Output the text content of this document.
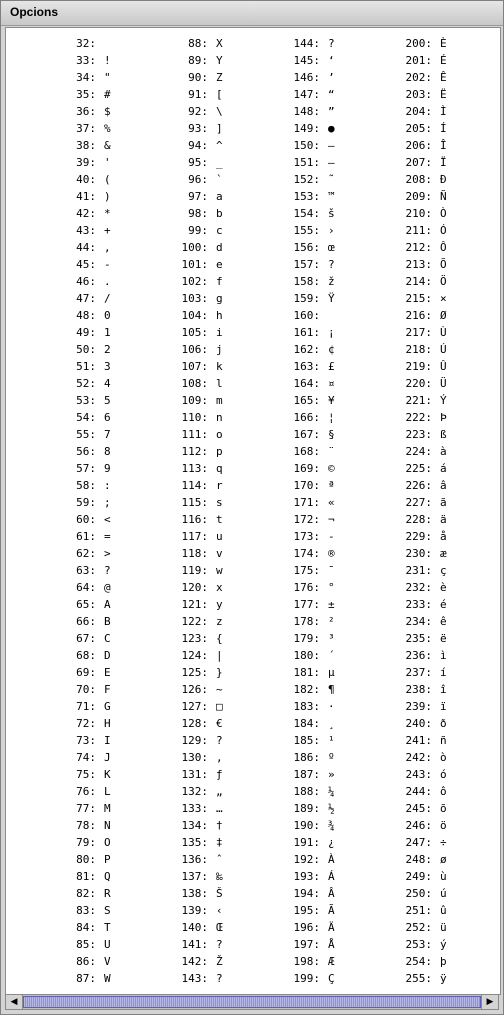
Opcions
32:
33: !
34: "
35: #
36: $
37: %
38: &
39: '
40: (
41: )
42: *
43: +
44: ,
45: -
46: .
47: /
48: 0
49: 1
50: 2
51: 3
52: 4
53: 5
54: 6
55: 7
56: 8
57: 9
58: :
59: ;
60: <
61: =
62: >
63: ?
64: @
65: A
66: B
67: C
68: D
69: E
70: F
71: G
72: H
73: I
74: J
75: K
76: L
77: M
78: N
79: O
80: P
81: Q
82: R
83: S
84: T
85: U
86: V
87: W
88: X
89: Y
90: Z
91: [
92: \
93: ]
94: ^
95: _
96: `
97: a
98: b
99: c
100: d
101: e
102: f
103: g
104: h
105: i
106: j
107: k
108: l
109: m
110: n
111: o
112: p
113: q
114: r
115: s
116: t
117: u
118: v
119: w
120: x
121: y
122: z
123: {
124: |
125: }
126: ~
127: □
128: €
129: ?
130: ‚
131: ƒ
132: „
133: …
134: †
135: ‡
136: ˆ
137: ‰
138: Š
139: ‹
140: Œ
141: ?
142: Ž
143: ?
144: ?
145: ‘
146: ’
147: “
148: ”
149: ●
150: –
151: —
152: ˜
153: ™
154: š
155: ›
156: œ
157: ?
158: ž
159: Ÿ
160:
161: ¡
162: ¢
163: £
164: ¤
165: ¥
166: ¦
167: §
168: ¨
169: ©
170: ª
171: «
172: ¬
173: -
174: ®
175: ¯
176: °
177: ±
178: ²
179: ³
180: ´
181: µ
182: ¶
183: ·
184: ¸
185: ¹
186: º
187: »
188: ¼
189: ½
190: ¾
191: ¿
192: À
193: Á
194: Â
195: Ã
196: Ä
197: Å
198: Æ
199: Ç
200: È
201: É
202: Ê
203: Ë
204: Ì
205: Í
206: Î
207: Ï
208: Ð
209: Ñ
210: Ò
211: Ó
212: Ô
213: Õ
214: Ö
215: ×
216: Ø
217: Ù
218: Ú
219: Û
220: Ü
221: Ý
222: Þ
223: ß
224: à
225: á
226: â
227: ã
228: ä
229: å
230: æ
231: ç
232: è
233: é
234: ê
235: ë
236: ì
237: í
238: î
239: ï
240: ð
241: ñ
242: ò
243: ó
244: ô
245: õ
246: ö
247: ÷
248: ø
249: ù
250: ú
251: û
252: ü
253: ý
254: þ
255: ÿ
◀	▶
